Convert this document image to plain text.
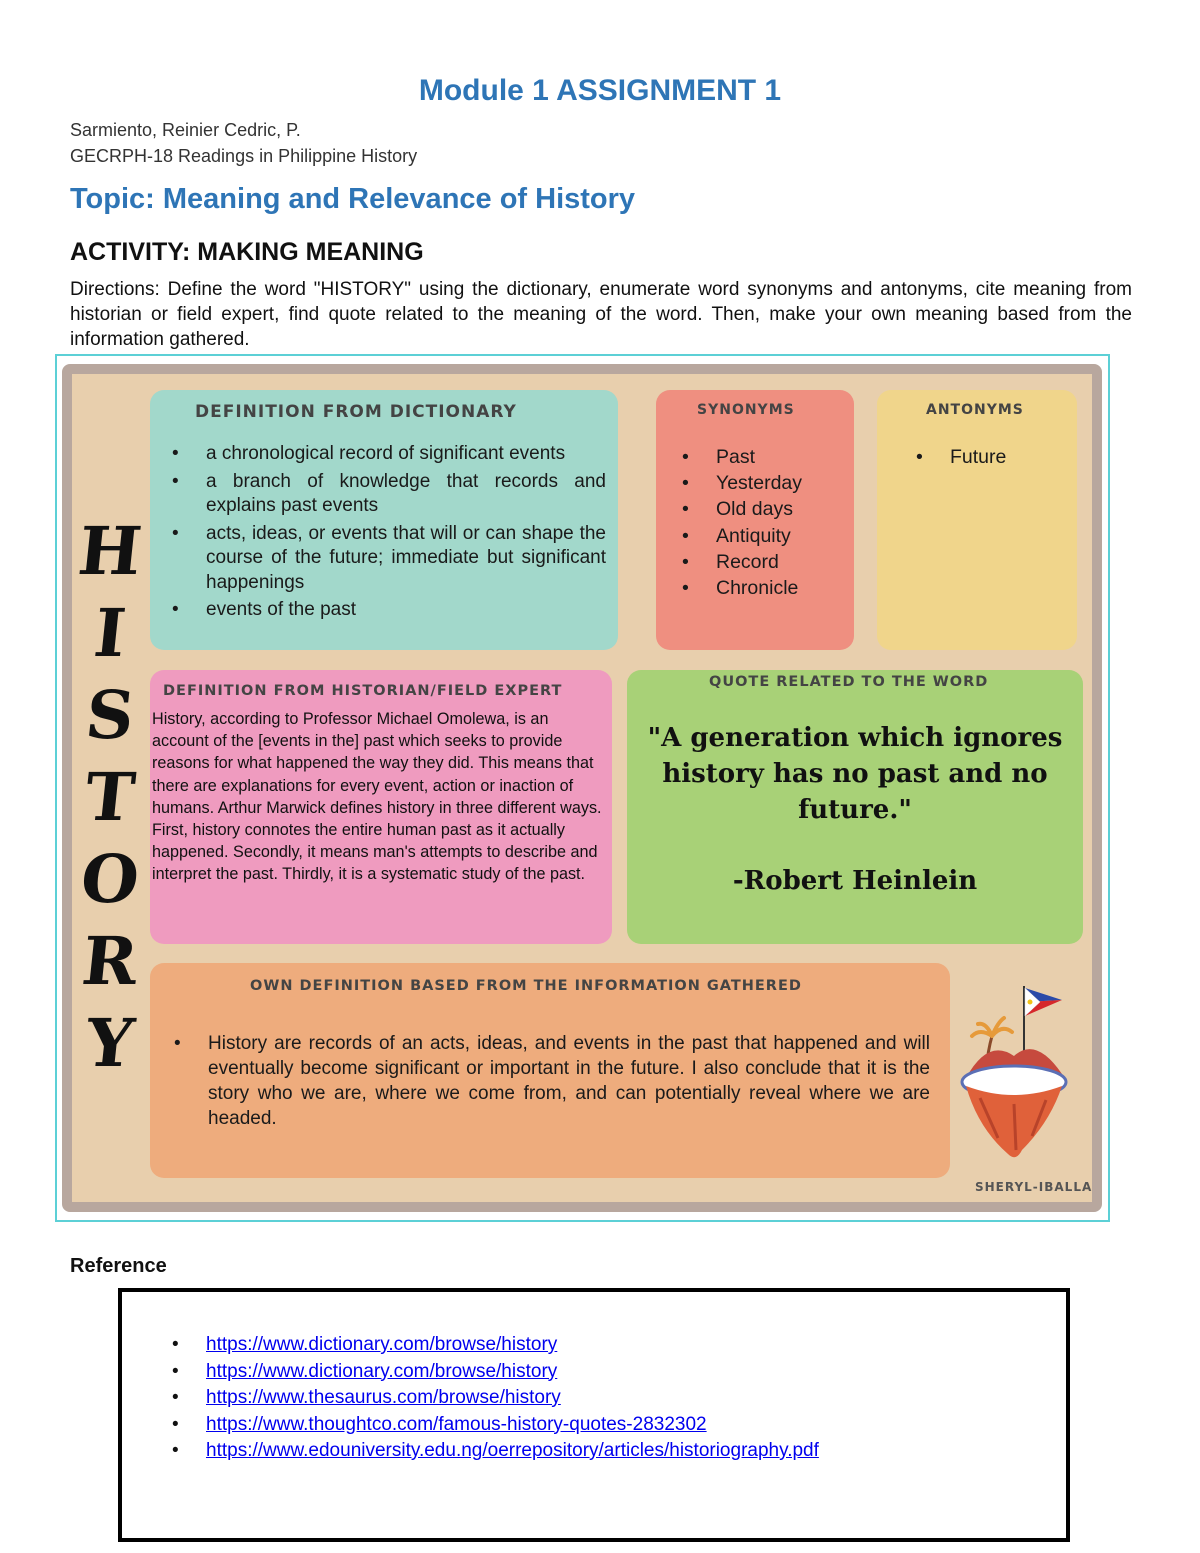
Module 1 ASSIGNMENT 1
Sarmiento, Reinier Cedric, P.
GECRPH-18 Readings in Philippine History
Topic: Meaning and Relevance of History
ACTIVITY: MAKING MEANING
Directions: Define the word "HISTORY" using the dictionary, enumerate word synonyms and antonyms, cite meaning from historian or field expert, find quote related to the meaning of the word. Then, make your own meaning based from the information gathered.
H
I
S
T
O
R
Y
DEFINITION FROM DICTIONARY
• a chronological record of significant events
• a branch of knowledge that records and explains past events
• acts, ideas, or events that will or can shape the course of the future; immediate but significant happenings
• events of the past
SYNONYMS
• Past
• Yesterday
• Old days
• Antiquity
• Record
• Chronicle
ANTONYMS
• Future
DEFINITION FROM HISTORIAN/FIELD EXPERT
History, according to Professor Michael Omolewa, is an account of the [events in the] past which seeks to provide reasons for what happened the way they did. This means that there are explanations for every event, action or inaction of humans. Arthur Marwick defines history in three different ways. First, history connotes the entire human past as it actually happened. Secondly, it means man's attempts to describe and interpret the past. Thirdly, it is a systematic study of the past.
QUOTE RELATED TO THE WORD
"A generation which ignores history has no past and no future."
-Robert Heinlein
OWN DEFINITION BASED FROM THE INFORMATION GATHERED
• History are records of an acts, ideas, and events in the past that happened and will eventually become significant or important in the future. I also conclude that it is the story who we are, where we come from, and can potentially reveal where we are headed.
SHERYL-IBALLA
Reference
• https://www.dictionary.com/browse/history
• https://www.dictionary.com/browse/history
• https://www.thesaurus.com/browse/history
• https://www.thoughtco.com/famous-history-quotes-2832302
• https://www.edouniversity.edu.ng/oerrepository/articles/historiography.pdf
